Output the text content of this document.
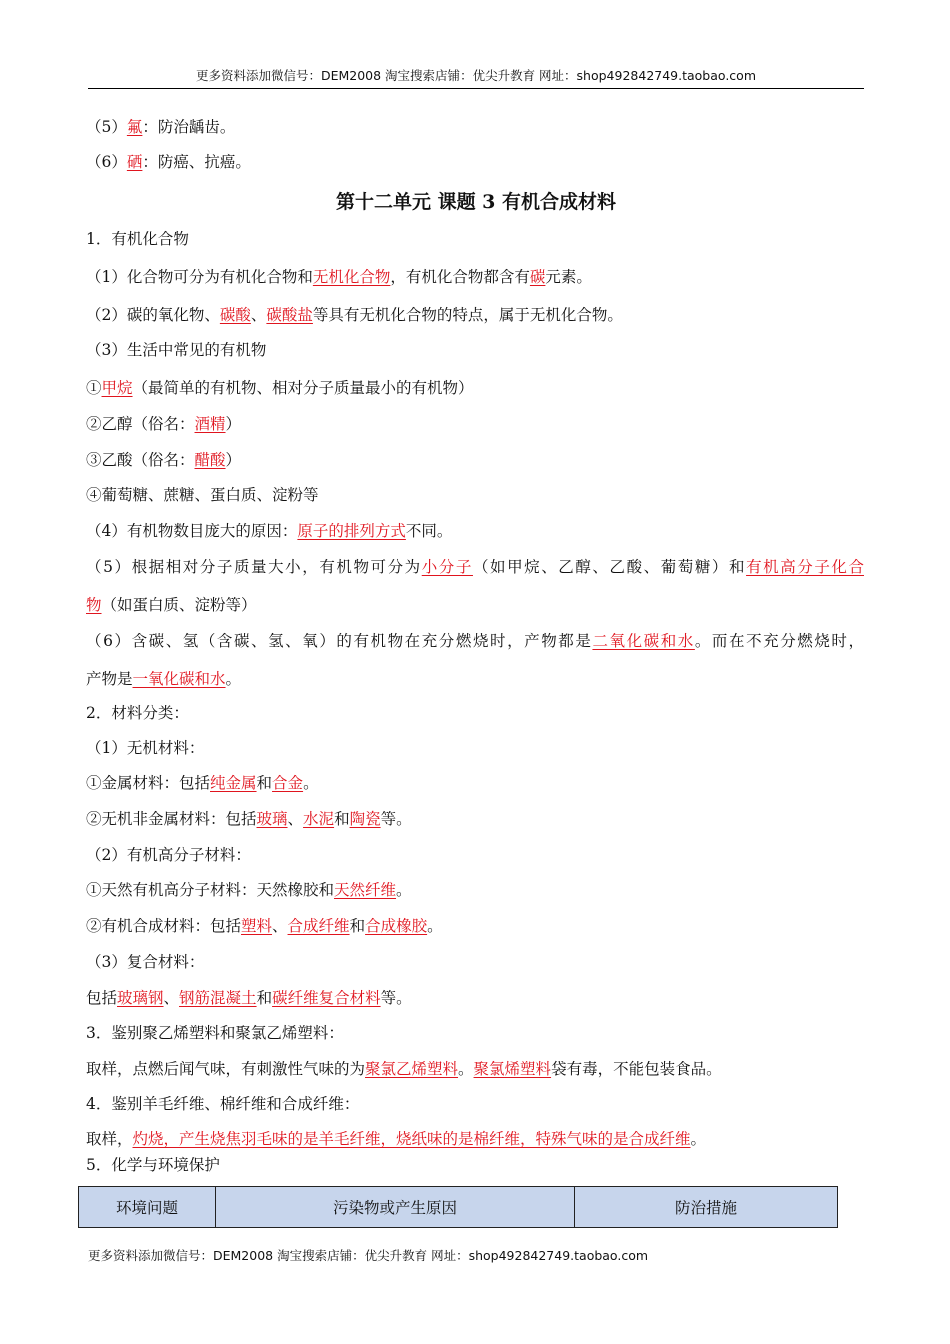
更多资料添加微信号：DEM2008 淘宝搜索店铺：优尖升教育 网址：shop492842749.taobao.com
（5）氟：防治龋齿。
（6）硒：防癌、抗癌。
第十二单元 课题 3 有机合成材料
1．有机化合物
（1）化合物可分为有机化合物和无机化合物，有机化合物都含有碳元素。
（2）碳的氧化物、碳酸、碳酸盐等具有无机化合物的特点，属于无机化合物。
（3）生活中常见的有机物
①甲烷（最简单的有机物、相对分子质量最小的有机物）
②乙醇（俗名：酒精）
③乙酸（俗名：醋酸）
④葡萄糖、蔗糖、蛋白质、淀粉等
（4）有机物数目庞大的原因：原子的排列方式不同。
（5）根据相对分子质量大小，有机物可分为小分子（如甲烷、乙醇、乙酸、葡萄糖）和有机高分子化合
物（如蛋白质、淀粉等）
（6）含碳、氢（含碳、氢、氧）的有机物在充分燃烧时，产物都是二氧化碳和水。而在不充分燃烧时，
产物是一氧化碳和水。
2．材料分类：
（1）无机材料：
①金属材料：包括纯金属和合金。
②无机非金属材料：包括玻璃、水泥和陶瓷等。
（2）有机高分子材料：
①天然有机高分子材料：天然橡胶和天然纤维。
②有机合成材料：包括塑料、合成纤维和合成橡胶。
（3）复合材料：
包括玻璃钢、钢筋混凝土和碳纤维复合材料等。
3．鉴别聚乙烯塑料和聚氯乙烯塑料：
取样，点燃后闻气味，有刺激性气味的为聚氯乙烯塑料。聚氯烯塑料袋有毒，不能包装食品。
4．鉴别羊毛纤维、棉纤维和合成纤维：
取样，灼烧，产生烧焦羽毛味的是羊毛纤维，烧纸味的是棉纤维，特殊气味的是合成纤维。
5．化学与环境保护
环境问题	污染物或产生原因	防治措施
更多资料添加微信号：DEM2008 淘宝搜索店铺：优尖升教育 网址：shop492842749.taobao.com
